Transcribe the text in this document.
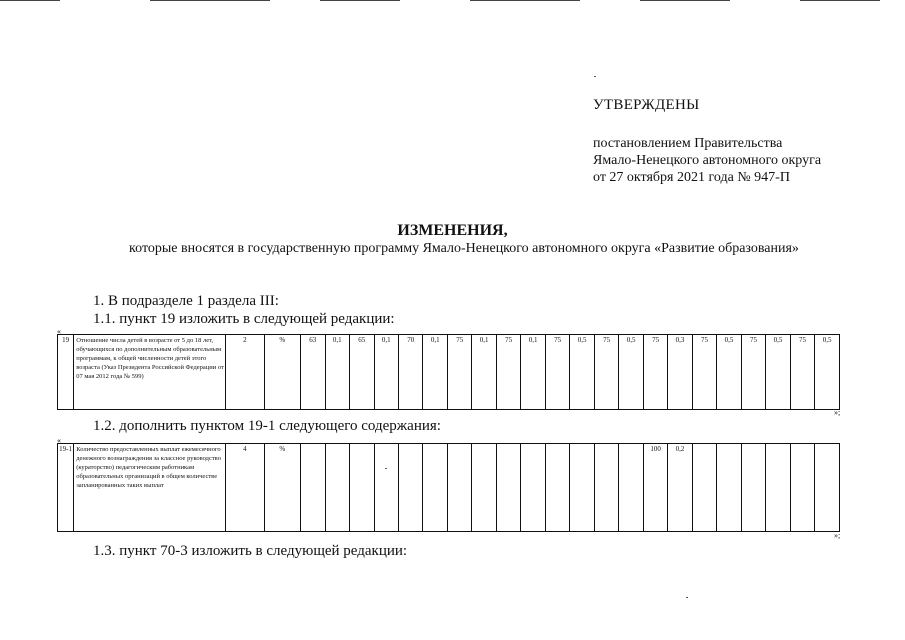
УТВЕРЖДЕНЫ
постановлением Правительства
Ямало-Ненецкого автономного округа
от 27 октября 2021 года № 947-П
ИЗМЕНЕНИЯ,
которые вносятся в государственную программу Ямало-Ненецкого автономного округа «Развитие образования»
1. В подразделе 1 раздела III:
1.1. пункт 19 изложить в следующей редакции:
«
19	Отношение числа детей в возрасте от 5 до 18 лет, обучающихся по дополнительным образовательным программам, к общей численности детей этого возраста (Указ Президента Российской Федерации от 07 мая 2012 года № 599)	2	%	63	0,1	65	0,1	70	0,1	75	0,1	75	0,1	75	0,5	75	0,5	75	0,3	75	0,5	75	0,5	75	0,5
»;
1.2. дополнить пунктом 19-1 следующего содержания:
«
19-1	Количество предоставленных выплат ежемесячного денежного вознаграждения за классное руководство (кураторство) педагогическим работникам образовательных организаций в общем количестве запланированных таких выплат	4	%															100	0,2						
»;
1.3. пункт 70-3 изложить в следующей редакции:
